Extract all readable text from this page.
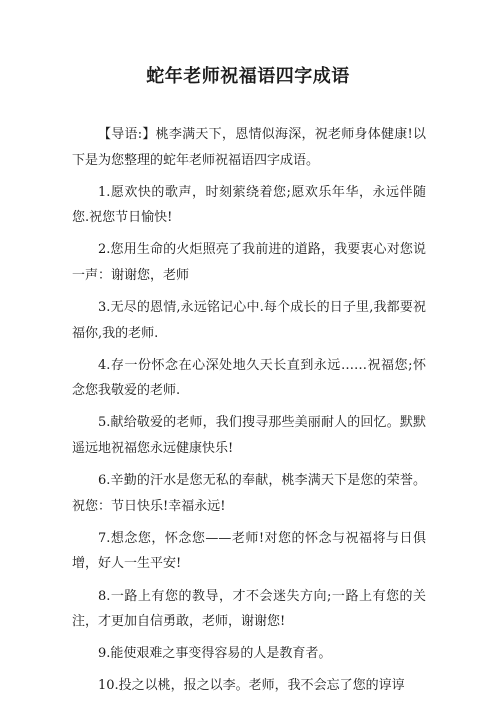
蛇年老师祝福语四字成语

【导语:】桃李满天下，恩情似海深，祝老师身体健康!以下是为您整理的蛇年老师祝福语四字成语。

1.愿欢快的歌声，时刻萦绕着您;愿欢乐年华，永远伴随您.祝您节日愉快!

2.您用生命的火炬照亮了我前进的道路，我要衷心对您说一声：谢谢您，老师

3.无尽的恩情,永远铭记心中.每个成长的日子里,我都要祝福你,我的老师.

4.存一份怀念在心深处地久天长直到永远……祝福您;怀念您我敬爱的老师.

5.献给敬爱的老师，我们搜寻那些美丽耐人的回忆。默默遥远地祝福您永远健康快乐!

6.辛勤的汗水是您无私的奉献，桃李满天下是您的荣誉。祝您：节日快乐!幸福永远!

7.想念您，怀念您——老师!对您的怀念与祝福将与日俱增，好人一生平安!

8.一路上有您的教导，才不会迷失方向;一路上有您的关注，才更加自信勇敢，老师，谢谢您!

9.能使艰难之事变得容易的人是教育者。

10.投之以桃，报之以李。老师，我不会忘了您的谆谆
